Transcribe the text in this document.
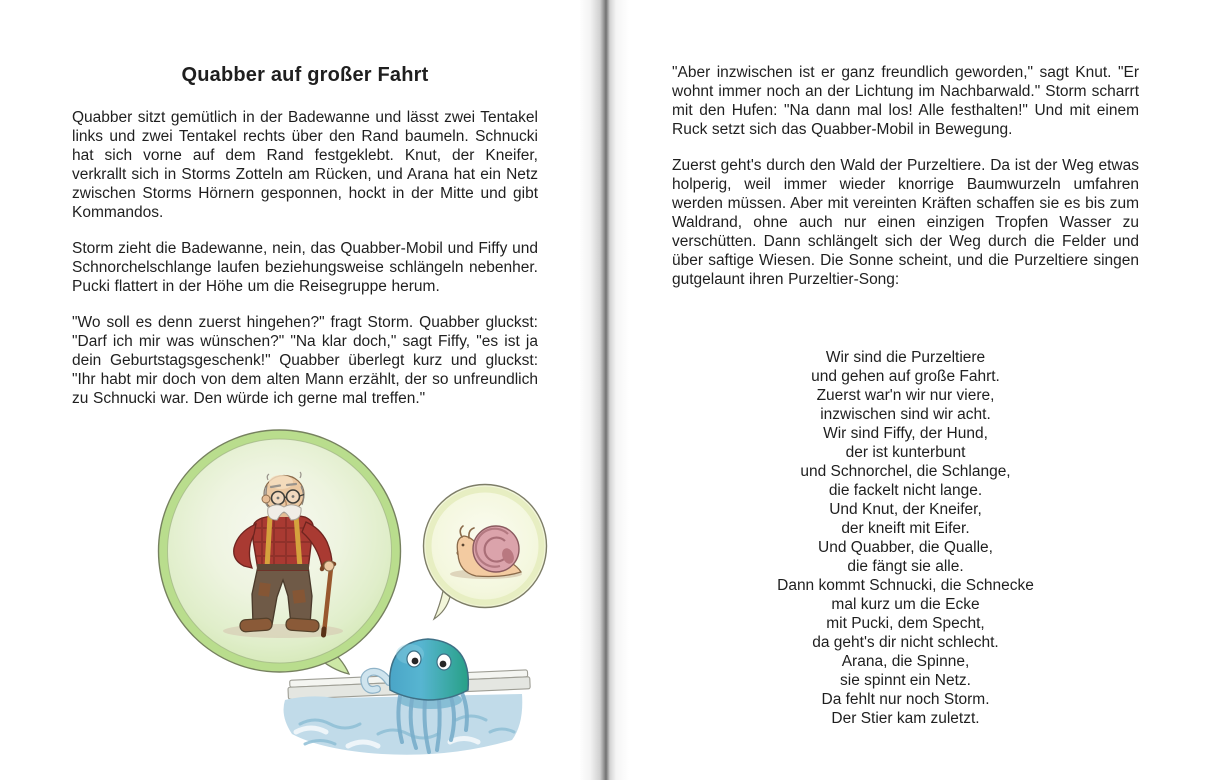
Quabber auf großer Fahrt

Quabber sitzt gemütlich in der Badewanne und lässt zwei Tentakel links und zwei Tentakel rechts über den Rand baumeln. Schnucki hat sich vorne auf dem Rand festgeklebt. Knut, der Kneifer, verkrallt sich in Storms Zotteln am Rücken, und Arana hat ein Netz zwischen Storms Hörnern gesponnen, hockt in der Mitte und gibt Kommandos.

Storm zieht die Badewanne, nein, das Quabber-Mobil und Fiffy und Schnorchelschlange laufen beziehungsweise schlängeln nebenher. Pucki flattert in der Höhe um die Reisegruppe herum.

"Wo soll es denn zuerst hingehen?" fragt Storm. Quabber gluckst: "Darf ich mir was wünschen?" "Na klar doch," sagt Fiffy, "es ist ja dein Geburtstagsgeschenk!" Quabber überlegt kurz und gluckst: "Ihr habt mir doch von dem alten Mann erzählt, der so unfreundlich zu Schnucki war. Den würde ich gerne mal treffen."

"Aber inzwischen ist er ganz freundlich geworden," sagt Knut. "Er wohnt immer noch an der Lichtung im Nachbarwald." Storm scharrt mit den Hufen: "Na dann mal los! Alle festhalten!" Und mit einem Ruck setzt sich das Quabber-Mobil in Bewegung.

Zuerst geht's durch den Wald der Purzeltiere. Da ist der Weg etwas holperig, weil immer wieder knorrige Baumwurzeln umfahren werden müssen. Aber mit vereinten Kräften schaffen sie es bis zum Waldrand, ohne auch nur einen einzigen Tropfen Wasser zu verschütten. Dann schlängelt sich der Weg durch die Felder und über saftige Wiesen. Die Sonne scheint, und die Purzeltiere singen gutgelaunt ihren Purzeltier-Song:

Wir sind die Purzeltiere
und gehen auf große Fahrt.
Zuerst war'n wir nur viere,
inzwischen sind wir acht.
Wir sind Fiffy, der Hund,
der ist kunterbunt
und Schnorchel, die Schlange,
die fackelt nicht lange.
Und Knut, der Kneifer,
der kneift mit Eifer.
Und Quabber, die Qualle,
die fängt sie alle.
Dann kommt Schnucki, die Schnecke
mal kurz um die Ecke
mit Pucki, dem Specht,
da geht's dir nicht schlecht.
Arana, die Spinne,
sie spinnt ein Netz.
Da fehlt nur noch Storm.
Der Stier kam zuletzt.
